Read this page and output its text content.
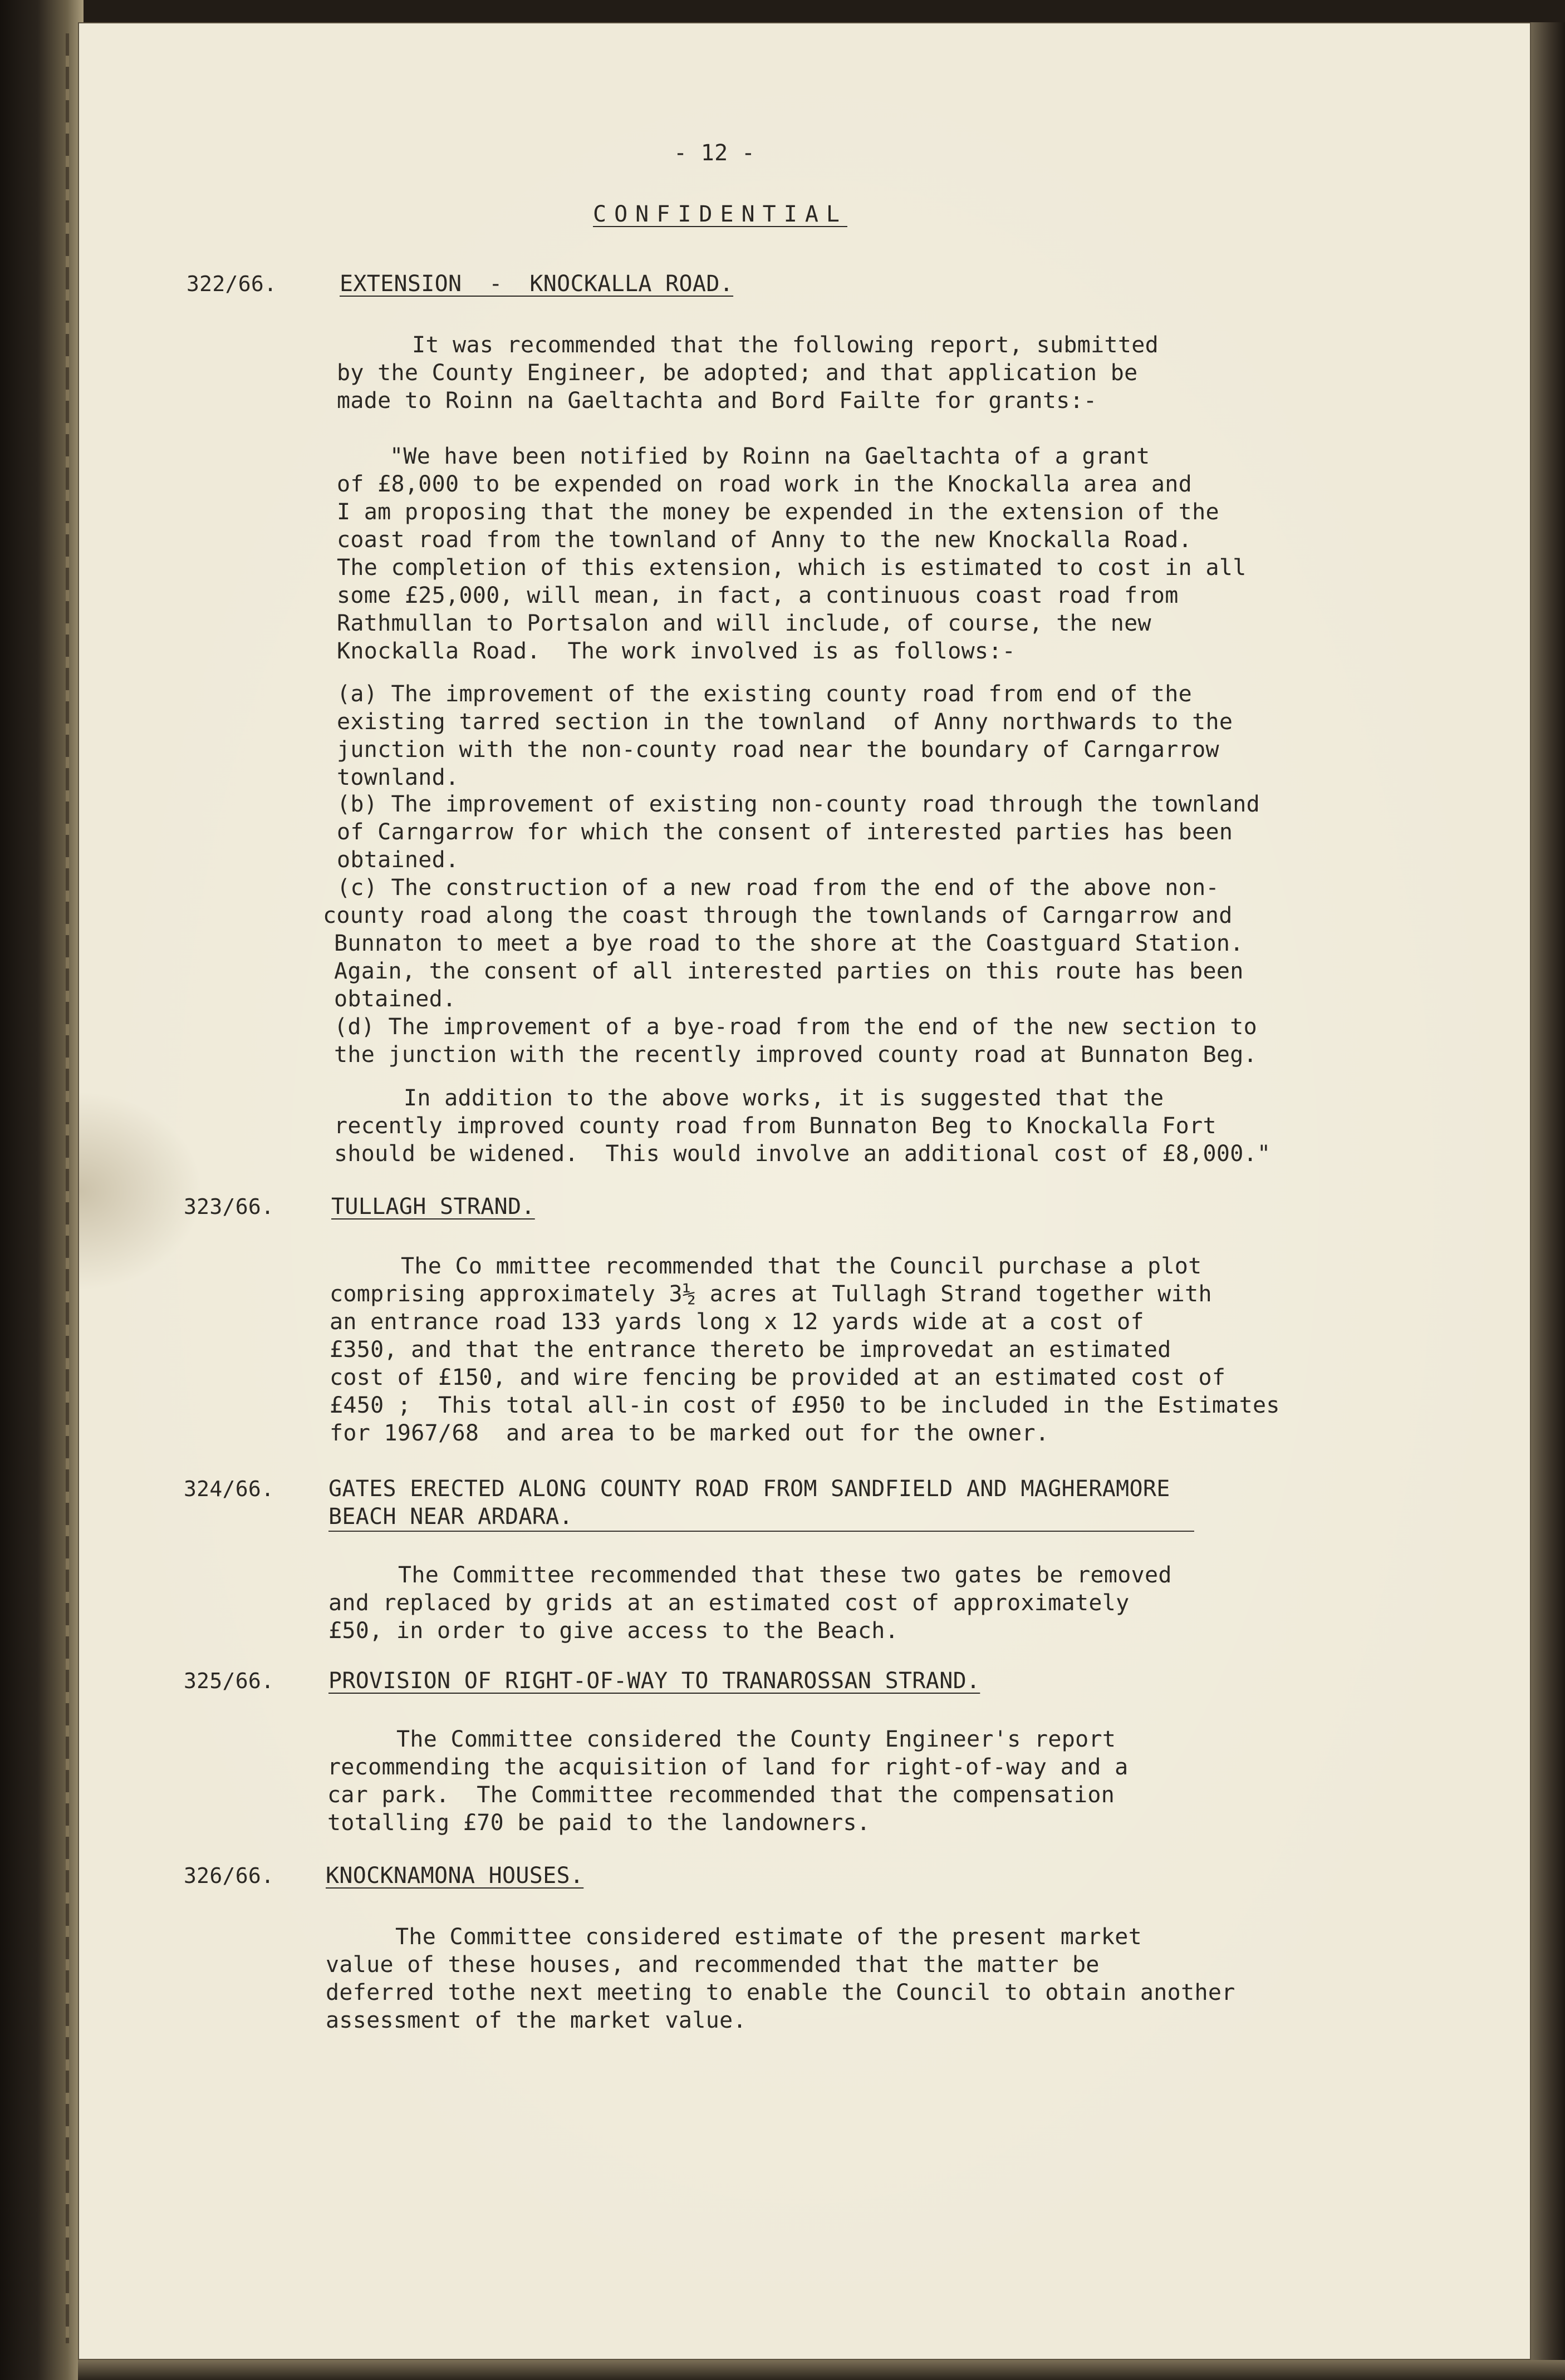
- 12 -
CONFIDENTIAL
322/66.	EXTENSION  -  KNOCKALLA ROAD.
It was recommended that the following report, submitted
by the County Engineer, be adopted; and that application be
made to Roinn na Gaeltachta and Bord Failte for grants:-
"We have been notified by Roinn na Gaeltachta of a grant
of £8,000 to be expended on road work in the Knockalla area and
I am proposing that the money be expended in the extension of the
coast road from the townland of Anny to the new Knockalla Road.
The completion of this extension, which is estimated to cost in all
some £25,000, will mean, in fact, a continuous coast road from
Rathmullan to Portsalon and will include, of course, the new
Knockalla Road.  The work involved is as follows:-
(a) The improvement of the existing county road from end of the
existing tarred section in the townland  of Anny northwards to the
junction with the non-county road near the boundary of Carngarrow
townland.
(b) The improvement of existing non-county road through the townland
of Carngarrow for which the consent of interested parties has been
obtained.
(c) The construction of a new road from the end of the above non-
county road along the coast through the townlands of Carngarrow and
Bunnaton to meet a bye road to the shore at the Coastguard Station.
Again, the consent of all interested parties on this route has been
obtained.
(d) The improvement of a bye-road from the end of the new section to
the junction with the recently improved county road at Bunnaton Beg.
In addition to the above works, it is suggested that the
recently improved county road from Bunnaton Beg to Knockalla Fort
should be widened.  This would involve an additional cost of £8,000."
323/66.	TULLAGH STRAND.
The Co mmittee recommended that the Council purchase a plot
comprising approximately 3½ acres at Tullagh Strand together with
an entrance road 133 yards long x 12 yards wide at a cost of
£350, and that the entrance thereto be improvedat an estimated
cost of £150, and wire fencing be provided at an estimated cost of
£450 ;  This total all-in cost of £950 to be included in the Estimates
for 1967/68  and area to be marked out for the owner.
324/66. GATES ERECTED ALONG COUNTY ROAD FROM SANDFIELD AND MAGHERAMORE
BEACH NEAR ARDARA.
The Committee recommended that these two gates be removed
and replaced by grids at an estimated cost of approximately
£50, in order to give access to the Beach.
325/66. PROVISION OF RIGHT-OF-WAY TO TRANAROSSAN STRAND.
The Committee considered the County Engineer's report
recommending the acquisition of land for right-of-way and a
car park.  The Committee recommended that the compensation
totalling £70 be paid to the landowners.
326/66. KNOCKNAMONA HOUSES.
The Committee considered estimate of the present market
value of these houses, and recommended that the matter be
deferred tothe next meeting to enable the Council to obtain another
assessment of the market value.
